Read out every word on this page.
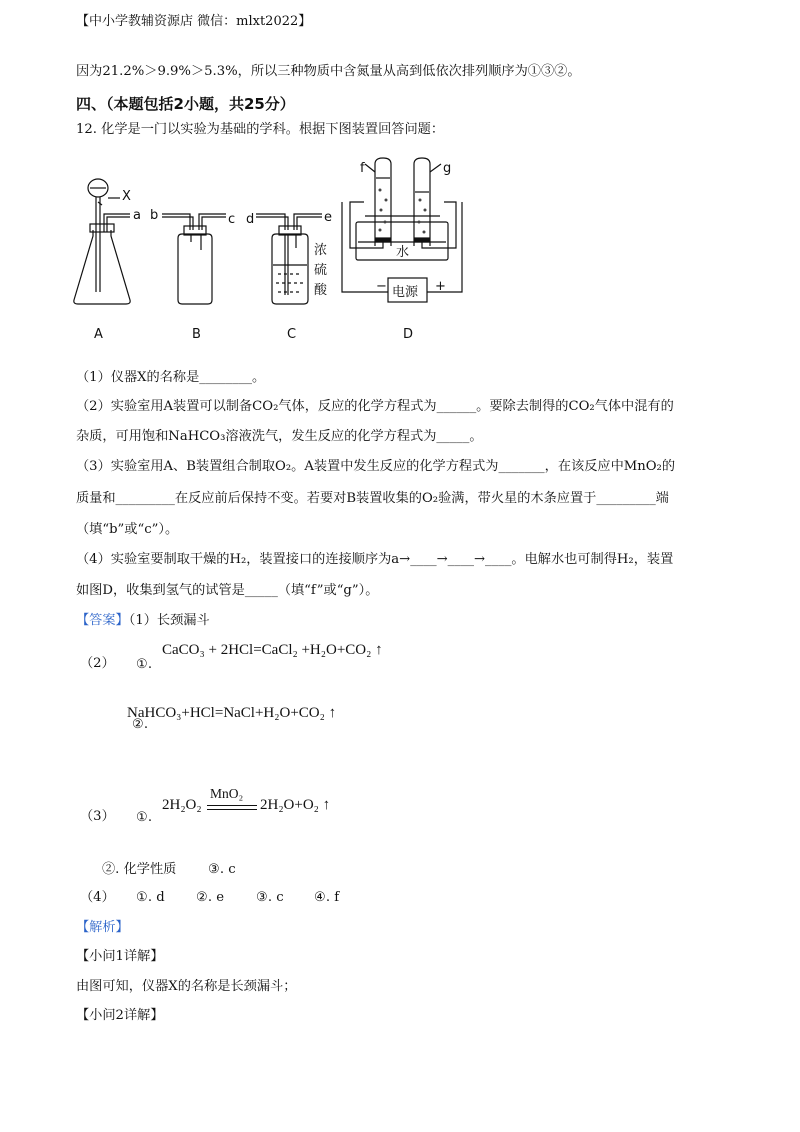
【中小学教辅资源店 微信：mlxt2022】
因为21.2%＞9.9%＞5.3%，所以三种物质中含氮量从高到低依次排列顺序为①③②。
四、（本题包括2小题，共25分）
12. 化学是一门以实验为基础的学科。根据下图装置回答问题：
X
a b	c d	e
浓
硫
酸
f	g
水
电源
−	+
A	B	C	D
（1）仪器X的名称是________。
（2）实验室用A装置可以制备CO₂气体，反应的化学方程式为______。要除去制得的CO₂气体中混有的
杂质，可用饱和NaHCO₃溶液洗气，发生反应的化学方程式为_____。
（3）实验室用A、B装置组合制取O₂。A装置中发生反应的化学方程式为_______，在该反应中MnO₂的
质量和_________在反应前后保持不变。若要对B装置收集的O₂验满，带火星的木条应置于_________端
（填“b”或“c”）。
（4）实验室要制取干燥的H₂，装置接口的连接顺序为a→____→____→____。电解水也可制得H₂，装置
如图D，收集到氢气的试管是_____（填“f”或“g”）。
【答案】（1）长颈漏斗
（2） ①.
CaCO₃ + 2HCl=CaCl₂ +H₂O+CO₂ ↑
②.
NaHCO₃+HCl=NaCl+H₂O+CO₂ ↑
（3） ①.
2H₂O₂
MnO₂
2H₂O+O₂ ↑
②. 化学性质 ③. c
（4） ①. d ②. e ③. c ④. f
【解析】
【小问1详解】
由图可知，仪器X的名称是长颈漏斗；
【小问2详解】
